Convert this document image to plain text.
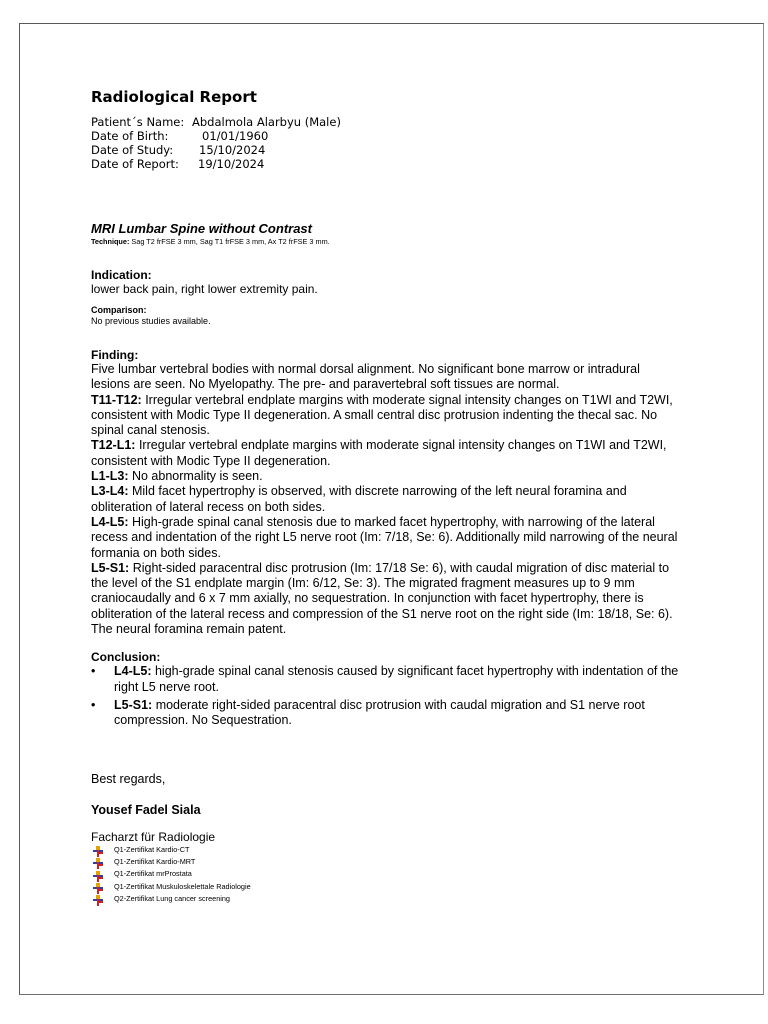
Radiological Report
Patient´s Name: Abdalmola Alarbyu (Male)
Date of Birth:	01/01/1960
Date of Study:	15/10/2024
Date of Report:	19/10/2024
MRI Lumbar Spine without Contrast
Technique: Sag T2 frFSE 3 mm, Sag T1 frFSE 3 mm, Ax T2 frFSE 3 mm.
Indication:
lower back pain, right lower extremity pain.
Comparison:
No previous studies available.
Finding:

Five lumbar vertebral bodies with normal dorsal alignment. No significant bone marrow or intradural lesions are seen. No Myelopathy. The pre- and paravertebral soft tissues are normal.

T11-T12: Irregular vertebral endplate margins with moderate signal intensity changes on T1WI and T2WI, consistent with Modic Type II degeneration. A small central disc protrusion indenting the thecal sac. No spinal canal stenosis.

T12-L1: Irregular vertebral endplate margins with moderate signal intensity changes on T1WI and T2WI, consistent with Modic Type II degeneration.

L1-L3: No abnormality is seen.

L3-L4: Mild facet hypertrophy is observed, with discrete narrowing of the left neural foramina and obliteration of lateral recess on both sides.

L4-L5: High-grade spinal canal stenosis due to marked facet hypertrophy, with narrowing of the lateral recess and indentation of the right L5 nerve root (Im: 7/18, Se: 6). Additionally mild narrowing of the neural formania on both sides.

L5-S1: Right-sided paracentral disc protrusion (Im: 17/18 Se: 6), with caudal migration of disc material to the level of the S1 endplate margin (Im: 6/12, Se: 3). The migrated fragment measures up to 9 mm craniocaudally and 6 x 7 mm axially, no sequestration. In conjunction with facet hypertrophy, there is obliteration of the lateral recess and compression of the S1 nerve root on the right side (Im: 18/18, Se: 6). The neural foramina remain patent.

Conclusion:
• L4-L5: high-grade spinal canal stenosis caused by significant facet hypertrophy with indentation of the right L5 nerve root.
• L5-S1: moderate right-sided paracentral disc protrusion with caudal migration and S1 nerve root compression. No Sequestration.
Best regards,
Yousef Fadel Siala
Facharzt für Radiologie
Q1-Zertifikat Kardio-CT
Q1-Zertifikat Kardio-MRT
Q1-Zertifikat mrProstata
Q1-Zertifikat Muskuloskelettale Radiologie
Q2-Zertifikat Lung cancer screening
